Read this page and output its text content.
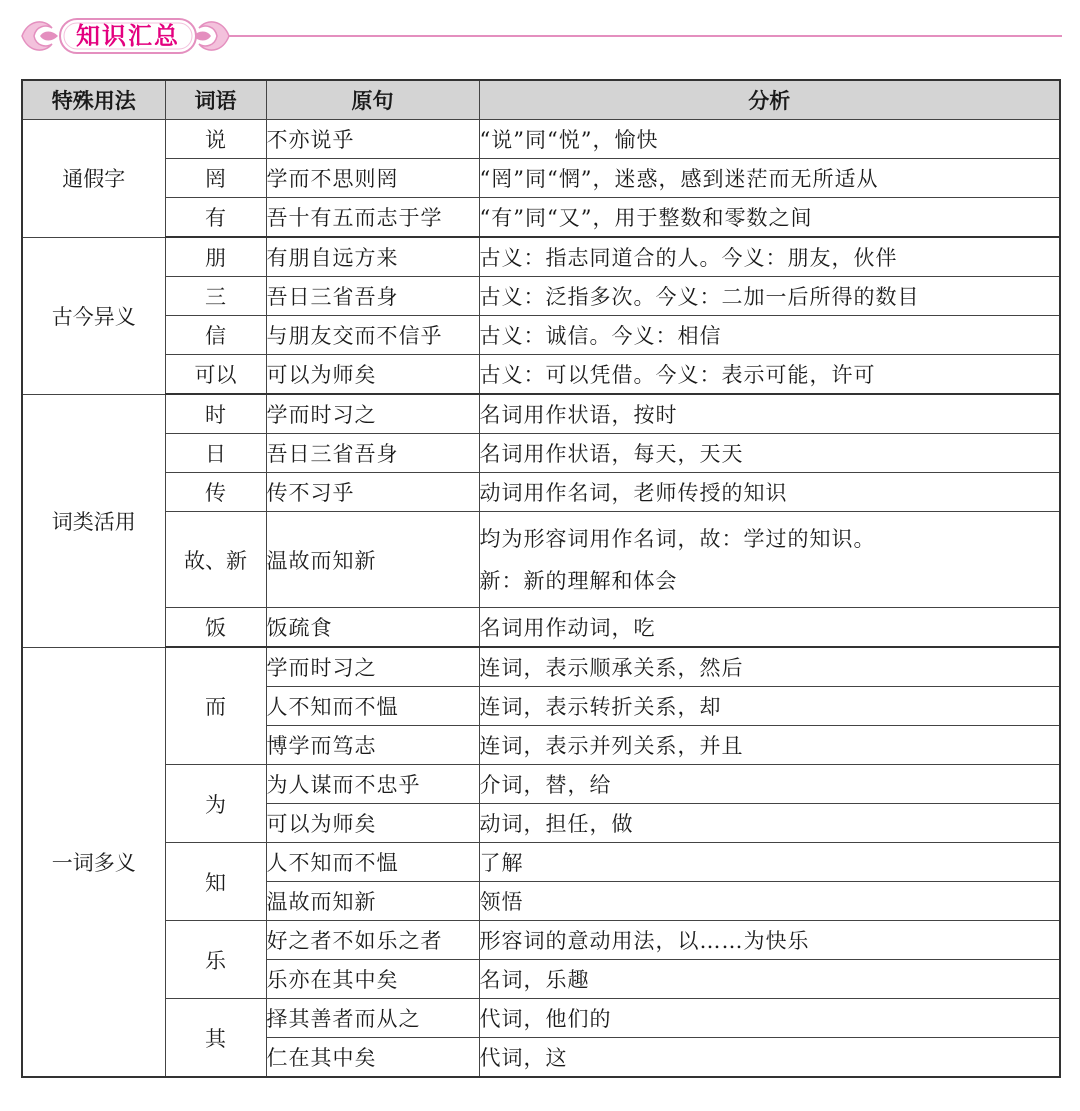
知识汇总
特殊用法	词语	原句	分析
通假字	说	不亦说乎	“说”同“悦”，愉快
	罔	学而不思则罔	“罔”同“惘”，迷惑，感到迷茫而无所适从
	有	吾十有五而志于学	“有”同“又”，用于整数和零数之间
古今异义	朋	有朋自远方来	古义：指志同道合的人。今义：朋友，伙伴
	三	吾日三省吾身	古义：泛指多次。今义：二加一后所得的数目
	信	与朋友交而不信乎	古义：诚信。今义：相信
	可以	可以为师矣	古义：可以凭借。今义：表示可能，许可
词类活用	时	学而时习之	名词用作状语，按时
	日	吾日三省吾身	名词用作状语，每天，天天
	传	传不习乎	动词用作名词，老师传授的知识
	故、新	温故而知新	均为形容词用作名词，故：学过的知识。
新：新的理解和体会

	饭	饭疏食	名词用作动词，吃
一词多义	而	学而时习之	连词，表示顺承关系，然后
		人不知而不愠	连词，表示转折关系，却
		博学而笃志	连词，表示并列关系，并且
	为	为人谋而不忠乎	介词，替，给
		可以为师矣	动词，担任，做
	知	人不知而不愠	了解
		温故而知新	领悟
	乐	好之者不如乐之者	形容词的意动用法，以……为快乐
		乐亦在其中矣	名词，乐趣
	其	择其善者而从之	代词，他们的
		仁在其中矣	代词，这
